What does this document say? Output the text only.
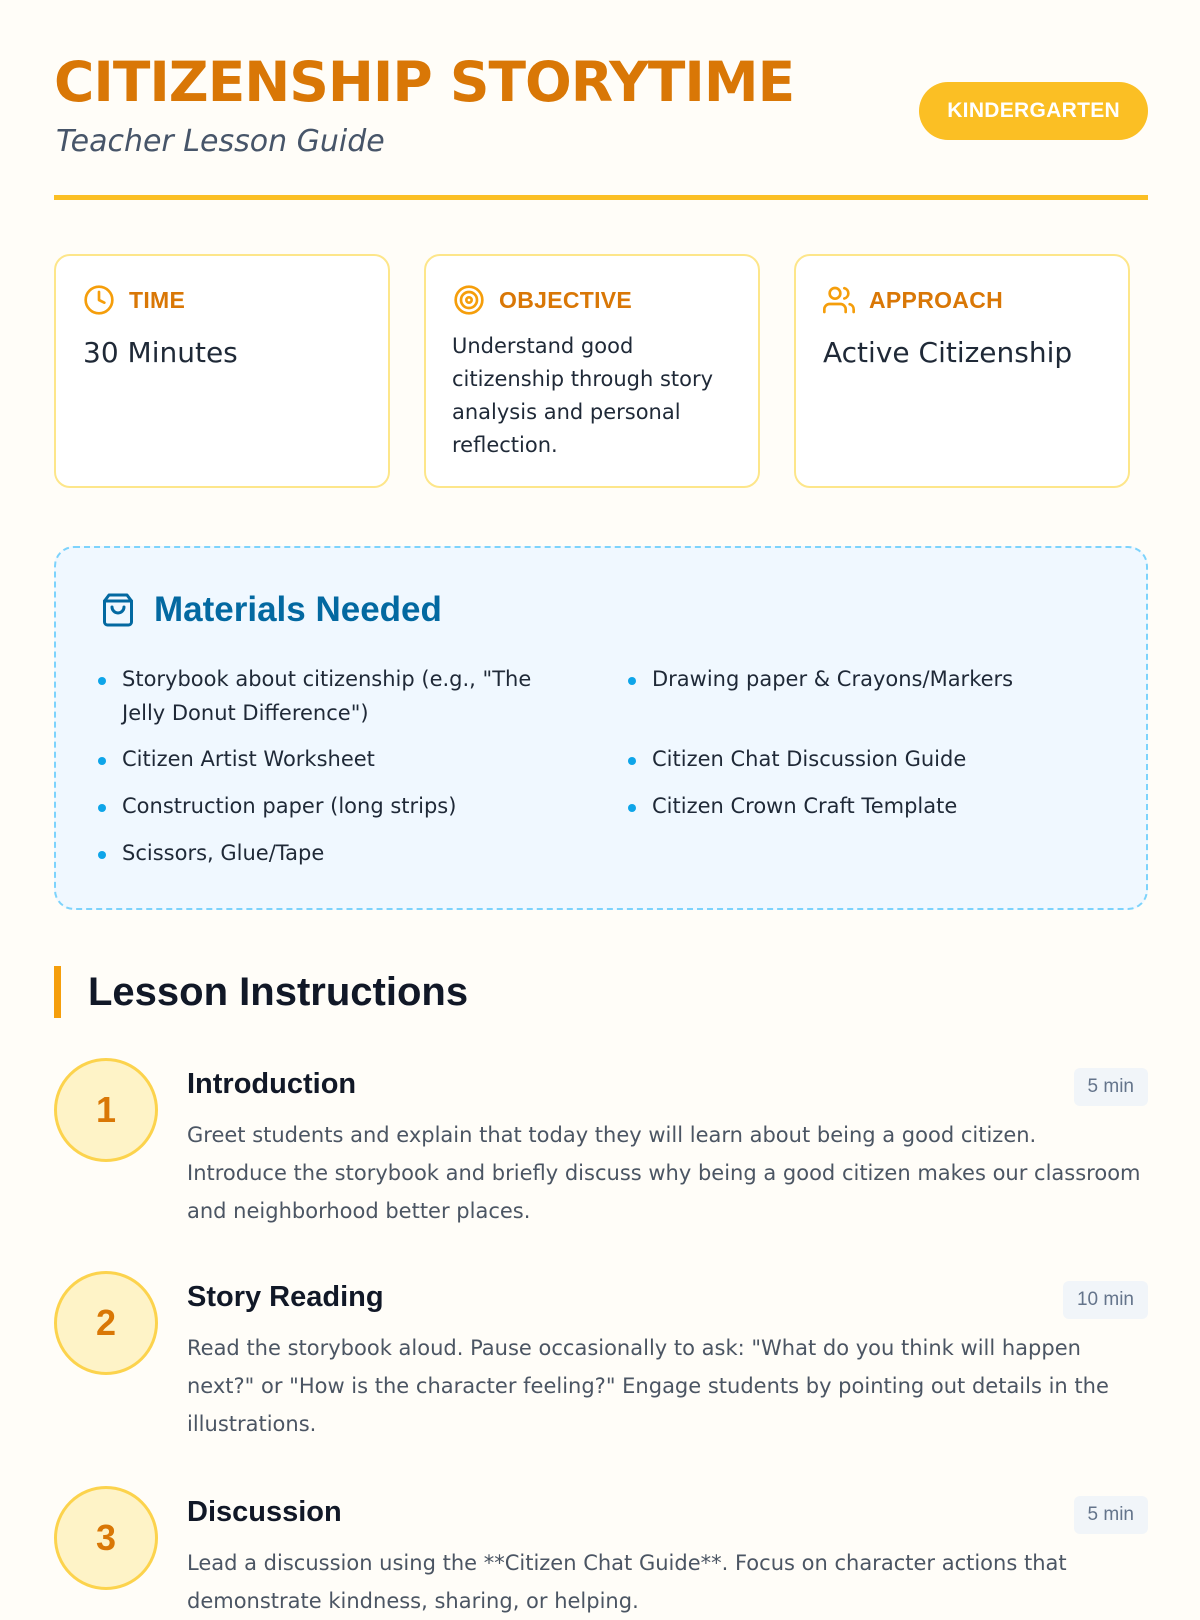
CITIZENSHIP STORYTIME

Teacher Lesson Guide

KINDERGARTEN
TIME
30 Minutes
OBJECTIVE
Understand good citizenship through story analysis and personal reflection.
APPROACH
Active Citizenship
Materials Needed
Storybook about citizenship (e.g., "The Jelly Donut Difference")
Drawing paper & Crayons/Markers
Citizen Artist Worksheet	Citizen Chat Discussion Guide
Construction paper (long strips)	Citizen Crown Craft Template
Scissors, Glue/Tape
Lesson Instructions
1
Introduction	5 min

Greet students and explain that today they will learn about being a good citizen. Introduce the storybook and briefly discuss why being a good citizen makes our classroom and neighborhood better places.

2
Story Reading	10 min

Read the storybook aloud. Pause occasionally to ask: "What do you think will happen next?" or "How is the character feeling?" Engage students by pointing out details in the illustrations.

3
Discussion	5 min

Lead a discussion using the **Citizen Chat Guide**. Focus on character actions that demonstrate kindness, sharing, or helping.
